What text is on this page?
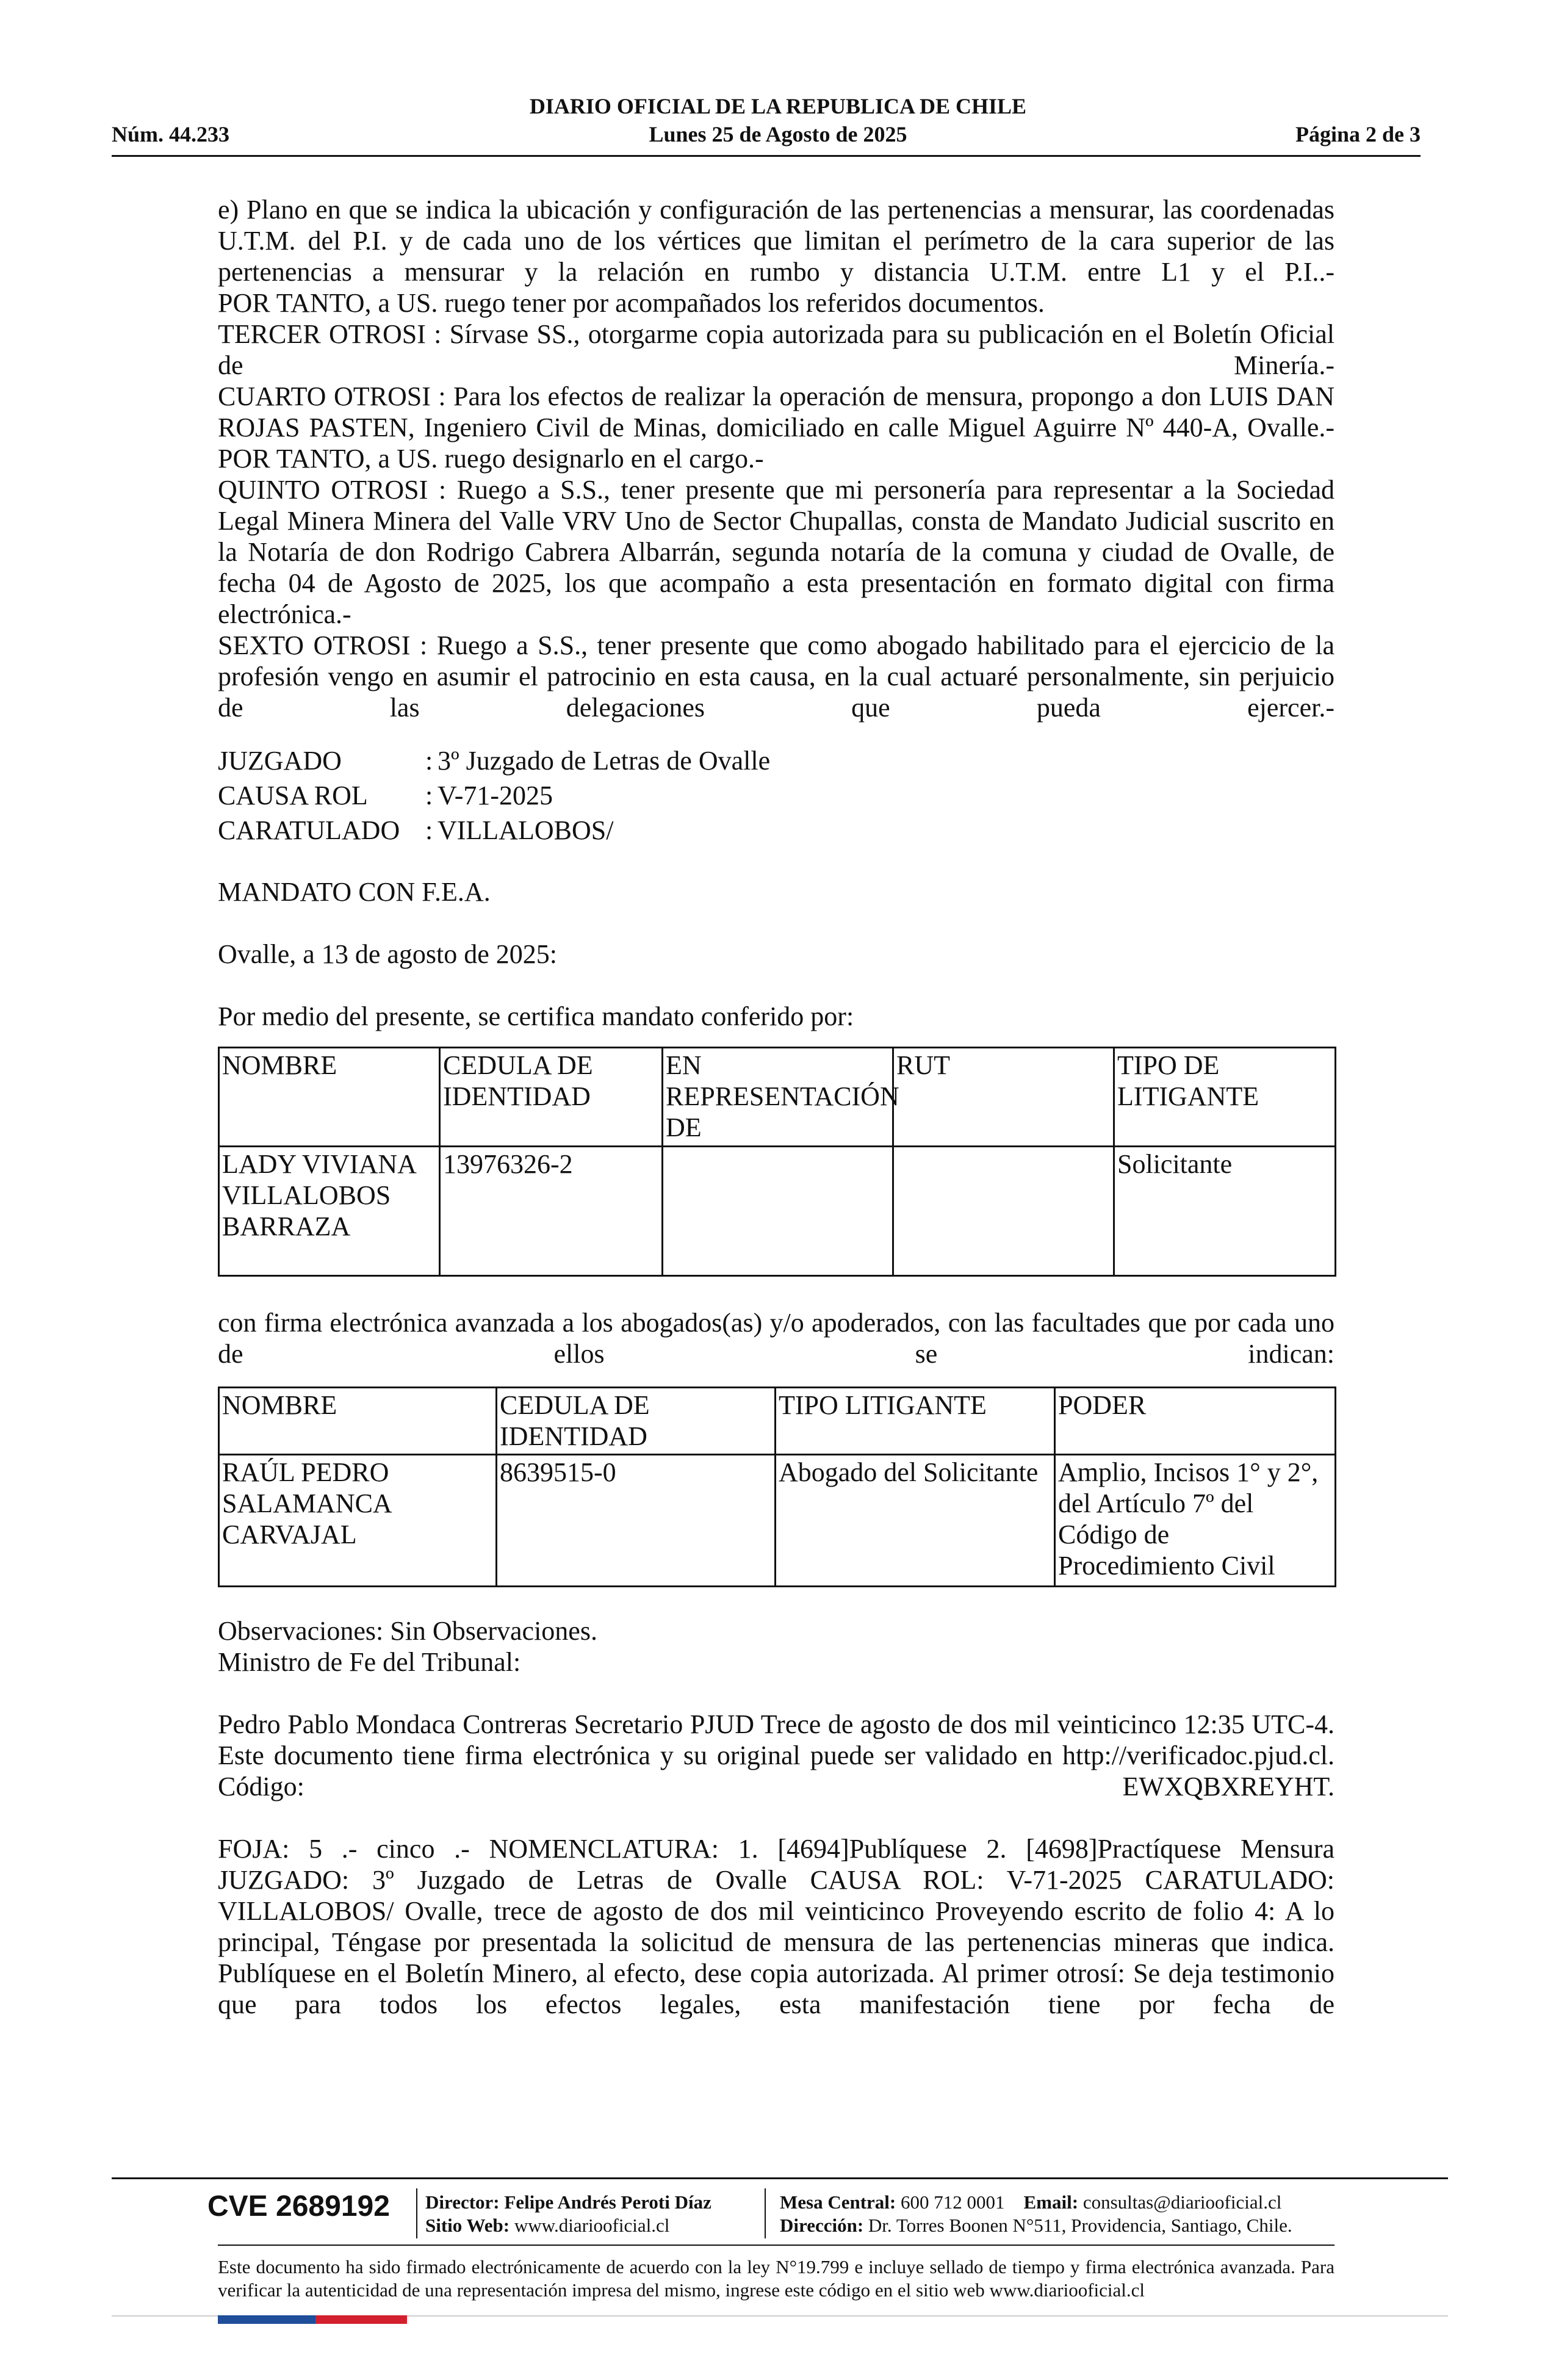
DIARIO OFICIAL DE LA REPUBLICA DE CHILE
Núm. 44.233	Lunes 25 de Agosto de 2025	Página 2 de 3

e) Plano en que se indica la ubicación y configuración de las pertenencias a mensurar, las coordenadas U.T.M. del P.I. y de cada uno de los vértices que limitan el perímetro de la cara superior de las pertenencias a mensurar y la relación en rumbo y distancia U.T.M. entre L1 y el P.I..-

POR TANTO, a US. ruego tener por acompañados los referidos documentos.

TERCER OTROSI : Sírvase SS., otorgarme copia autorizada para su publicación en el Boletín Oficial de Minería.-

CUARTO OTROSI : Para los efectos de realizar la operación de mensura, propongo a don LUIS DAN ROJAS PASTEN, Ingeniero Civil de Minas, domiciliado en calle Miguel Aguirre Nº 440-A, Ovalle.-

POR TANTO, a US. ruego designarlo en el cargo.-

QUINTO OTROSI : Ruego a S.S., tener presente que mi personería para representar a la Sociedad Legal Minera Minera del Valle VRV Uno de Sector Chupallas, consta de Mandato Judicial suscrito en la Notaría de don Rodrigo Cabrera Albarrán, segunda notaría de la comuna y ciudad de Ovalle, de fecha 04 de Agosto de 2025, los que acompaño a esta presentación en formato digital con firma electrónica.-

SEXTO OTROSI : Ruego a S.S., tener presente que como abogado habilitado para el ejercicio de la profesión vengo en asumir el patrocinio en esta causa, en la cual actuaré personalmente, sin perjuicio de las delegaciones que pueda ejercer.-

JUZGADO	: 3º Juzgado de Letras de Ovalle
CAUSA ROL	: V-71-2025
CARATULADO : VILLALOBOS/

MANDATO CON F.E.A.

Ovalle, a 13 de agosto de 2025:

Por medio del presente, se certifica mandato conferido por:

NOMBRE	CEDULA DE IDENTIDAD	EN REPRESENTACIÓN DE	RUT	TIPO DE LITIGANTE
LADY VIVIANA VILLALOBOS BARRAZA	13976326-2			Solicitante

con firma electrónica avanzada a los abogados(as) y/o apoderados, con las facultades que por cada uno de ellos se indican:

NOMBRE	CEDULA DE IDENTIDAD	TIPO LITIGANTE	PODER
RAÚL PEDRO SALAMANCA CARVAJAL	8639515-0	Abogado del Solicitante	Amplio, Incisos 1° y 2°, del Artículo 7º del Código de Procedimiento Civil

Observaciones: Sin Observaciones.

Ministro de Fe del Tribunal:

Pedro Pablo Mondaca Contreras Secretario PJUD Trece de agosto de dos mil veinticinco 12:35 UTC-4. Este documento tiene firma electrónica y su original puede ser validado en http://verificadoc.pjud.cl. Código: EWXQBXREYHT.

FOJA: 5 .- cinco .- NOMENCLATURA: 1. [4694]Publíquese 2. [4698]Practíquese Mensura JUZGADO: 3º Juzgado de Letras de Ovalle CAUSA ROL: V-71-2025 CARATULADO: VILLALOBOS/ Ovalle, trece de agosto de dos mil veinticinco Proveyendo escrito de folio 4: A lo principal, Téngase por presentada la solicitud de mensura de las pertenencias mineras que indica. Publíquese en el Boletín Minero, al efecto, dese copia autorizada. Al primer otrosí: Se deja testimonio que para todos los efectos legales, esta manifestación tiene por fecha de

CVE 2689192 Director: Felipe Andrés Peroti Díaz
Sitio Web: www.diariooficial.cl
Mesa Central: 600 712 0001 Email: consultas@diariooficial.cl
Dirección: Dr. Torres Boonen N°511, Providencia, Santiago, Chile.
Este documento ha sido firmado electrónicamente de acuerdo con la ley N°19.799 e incluye sellado de tiempo y firma electrónica avanzada. Para verificar la autenticidad de una representación impresa del mismo, ingrese este código en el sitio web www.diariooficial.cl
